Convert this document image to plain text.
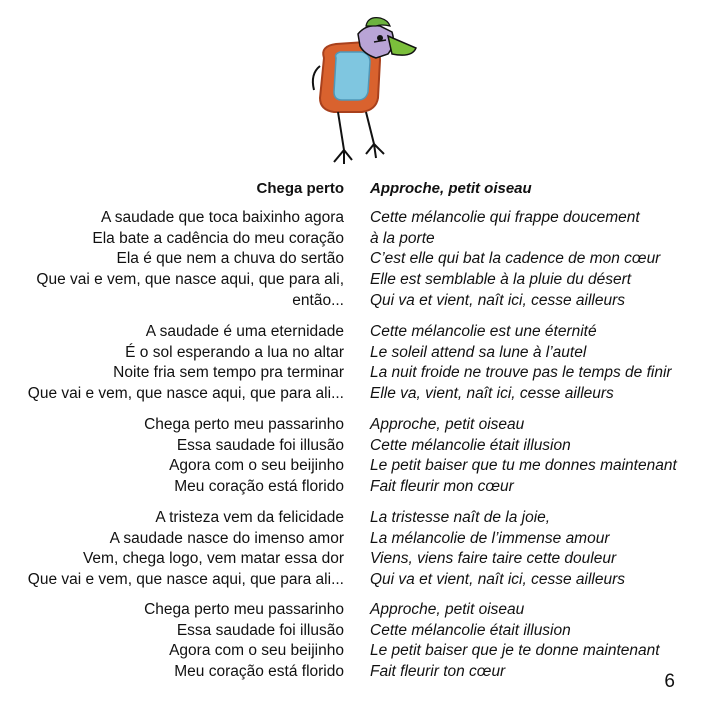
Chega perto
A saudade que toca baixinho agora
Ela bate a cadência do meu coração
Ela é que nem a chuva do sertão
Que vai e vem, que nasce aqui, que para ali,
então...
A saudade é uma eternidade
É o sol esperando a lua no altar
Noite fria sem tempo pra terminar
Que vai e vem, que nasce aqui, que para ali...
Chega perto meu passarinho
Essa saudade foi illusão
Agora com o seu beijinho
Meu coração está florido
A tristeza vem da felicidade
A saudade nasce do imenso amor
Vem, chega logo, vem matar essa dor
Que vai e vem, que nasce aqui, que para ali...
Chega perto meu passarinho
Essa saudade foi illusão
Agora com o seu beijinho
Meu coração está florido
Approche, petit oiseau
Cette mélancolie qui frappe doucement
à la porte
C’est elle qui bat la cadence de mon cœur
Elle est semblable à la pluie du désert
Qui va et vient, naît ici, cesse ailleurs
Cette mélancolie est une éternité
Le soleil attend sa lune à l’autel
La nuit froide ne trouve pas le temps de finir
Elle va, vient, naît ici, cesse ailleurs
Approche, petit oiseau
Cette mélancolie était illusion
Le petit baiser que tu me donnes maintenant
Fait fleurir mon cœur
La tristesse naît de la joie,
La mélancolie de l’immense amour
Viens, viens faire taire cette douleur
Qui va et vient, naît ici, cesse ailleurs
Approche, petit oiseau
Cette mélancolie était illusion
Le petit baiser que je te donne maintenant
Fait fleurir ton cœur	6
